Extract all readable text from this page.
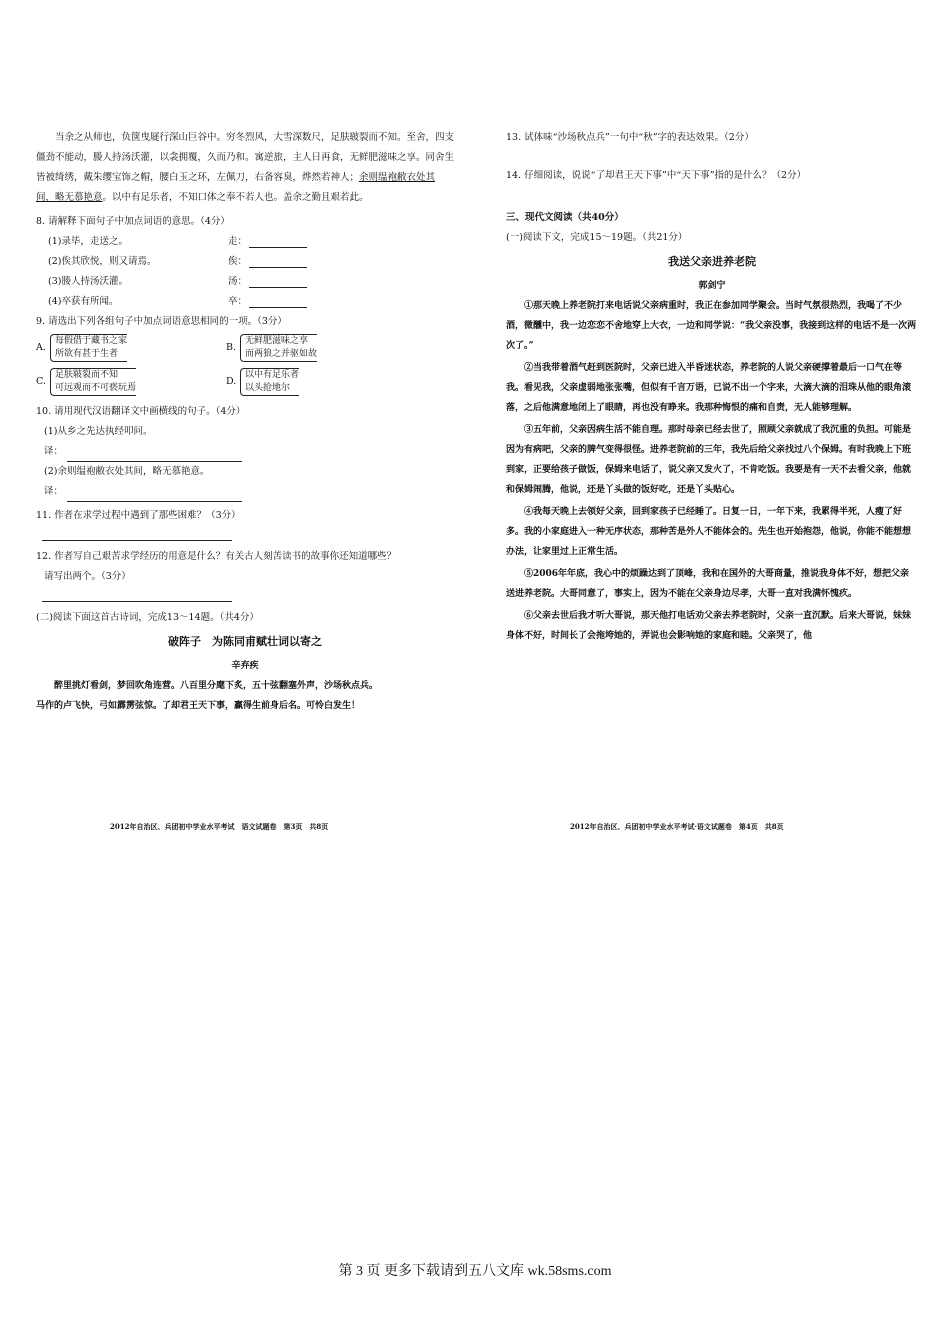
当余之从师也，负箧曳屣行深山巨谷中。穷冬烈风，大雪深数尺，足肤皲裂而不知。至舍，四支僵劲不能动，媵人持汤沃灌，以衾拥覆，久而乃和。寓逆旅，主人日再食，无鲜肥滋味之享。同舍生皆被绮绣，戴朱缨宝饰之帽，腰白玉之环，左佩刀，右备容臭，烨然若神人；余则缊袍敝衣处其间，略无慕艳意。以中有足乐者，不知口体之奉不若人也。盖余之勤且艰若此。

8. 请解释下面句子中加点词语的意思。（4分）

(1)录毕，走送之。	走：
(2)俟其欣悦，则又请焉。	俟：
(3)媵人持汤沃灌。	汤：
(4)卒获有所闻。	卒：

9. 请选出下列各组句子中加点词语意思相同的一项。（3分）

A.
每假借于藏书之家
所欲有甚于生者
B.
无鲜肥滋味之享
而两狼之并驱如故
C.
足肤皲裂而不知
可远观而不可亵玩焉
D.
以中有足乐者
以头抢地尔

10. 请用现代汉语翻译文中画横线的句子。（4分）

(1)从乡之先达执经叩问。

译：

(2)余则缊袍敝衣处其间，略无慕艳意。

译：

11. 作者在求学过程中遇到了那些困难？（3分）

12. 作者写自己艰苦求学经历的用意是什么？有关古人刻苦读书的故事你还知道哪些？

请写出两个。（3分）

(二)阅读下面这首古诗词，完成13～14题。（共4分）

破阵子　为陈同甫赋壮词以寄之

辛弃疾

醉里挑灯看剑，梦回吹角连营。八百里分麾下炙，五十弦翻塞外声，沙场秋点兵。

马作的卢飞快，弓如霹雳弦惊。了却君王天下事，赢得生前身后名。可怜白发生！

2012年自治区、兵团初中学业水平考试　语文试题卷　第3页　共8页

13. 试体味“沙场秋点兵”一句中“秋”字的表达效果。（2分）

14. 仔细阅读，说说“了却君王天下事”中“天下事”指的是什么？（2分）

三、现代文阅读（共40分）

(一)阅读下文，完成15～19题。（共21分）

我送父亲进养老院

郭剑宁

①那天晚上养老院打来电话说父亲病重时，我正在参加同学聚会。当时气氛很热烈，我喝了不少酒，微醺中，我一边恋恋不舍地穿上大衣，一边和同学说：“我父亲没事，我接到这样的电话不是一次两次了。”

②当我带着酒气赶到医院时，父亲已进入半昏迷状态，养老院的人说父亲硬撑着最后一口气在等我。看见我，父亲虚弱地张张嘴，但似有千言万语，已说不出一个字来，大滴大滴的泪珠从他的眼角滚落，之后他满意地闭上了眼睛，再也没有睁来。我那种悔恨的痛和自责，无人能够理解。

③五年前，父亲因病生活不能自理。那时母亲已经去世了，照顾父亲就成了我沉重的负担。可能是因为有病吧，父亲的脾气变得很怪。进养老院前的三年，我先后给父亲找过八个保姆。有时我晚上下班到家，正要给孩子做饭，保姆来电话了，说父亲又发火了，不肯吃饭。我要是有一天不去看父亲，他就和保姆闹腾，他说，还是丫头做的饭好吃，还是丫头贴心。

④我每天晚上去领好父亲，回到家孩子已经睡了。日复一日，一年下来，我累得半死，人瘦了好多。我的小家庭进入一种无序状态，那种苦是外人不能体会的。先生也开始抱怨，他说，你能不能想想办法，让家里过上正常生活。

⑤2006年年底，我心中的烦躁达到了顶峰，我和在国外的大哥商量，推说我身体不好，想把父亲送进养老院。大哥同意了，事实上，因为不能在父亲身边尽孝，大哥一直对我满怀愧疚。

⑥父亲去世后我才听大哥说，那天他打电话劝父亲去养老院时，父亲一直沉默。后来大哥说，妹妹身体不好，时间长了会拖垮她的，弄说也会影响她的家庭和睦。父亲哭了，他

2012年自治区、兵团初中学业水平考试·语文试题卷　第4页　共8页
第 3 页 更多下载请到五八文库 wk.58sms.com
